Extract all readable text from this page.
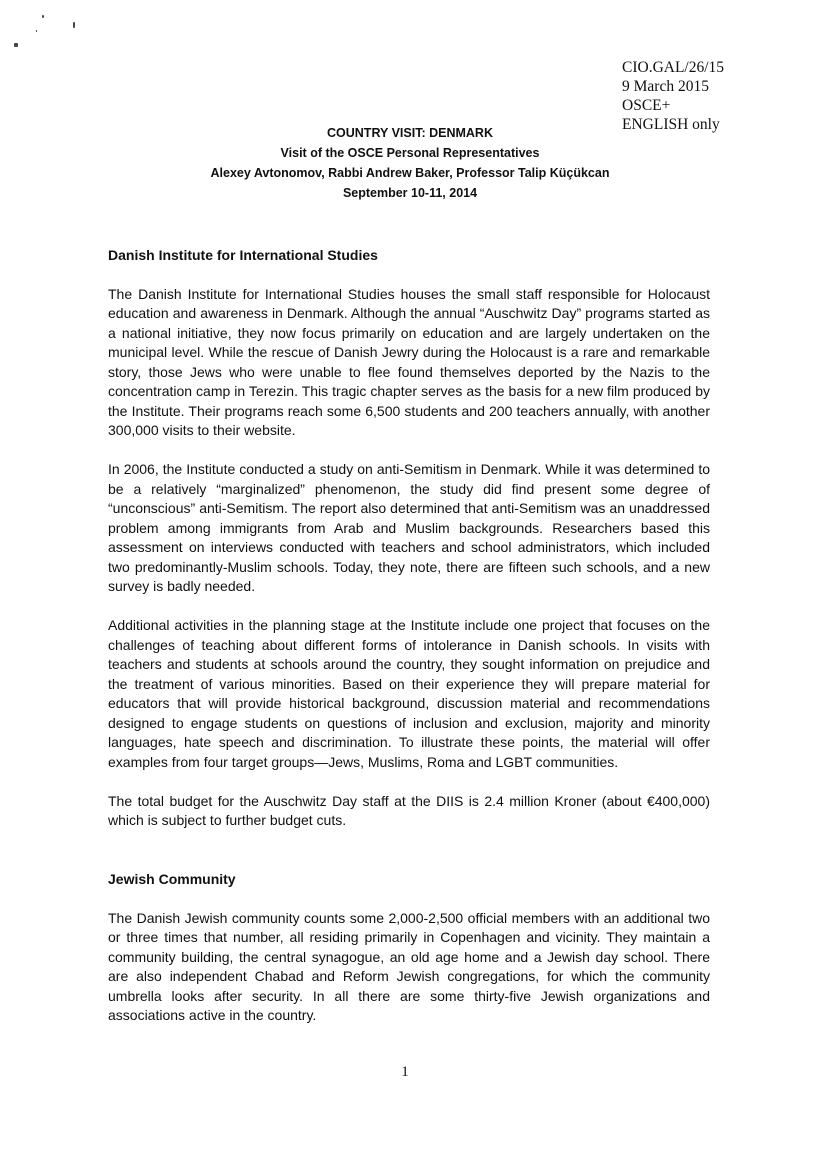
CIO.GAL/26/15
9 March 2015
OSCE+
ENGLISH only
COUNTRY VISIT: DENMARK
Visit of the OSCE Personal Representatives
Alexey Avtonomov, Rabbi Andrew Baker, Professor Talip Küçükcan
September 10-11, 2014
Danish Institute for International Studies

The Danish Institute for International Studies houses the small staff responsible for Holocaust education and awareness in Denmark. Although the annual “Auschwitz Day” programs started as a national initiative, they now focus primarily on education and are largely undertaken on the municipal level. While the rescue of Danish Jewry during the Holocaust is a rare and remarkable story, those Jews who were unable to flee found themselves deported by the Nazis to the concentration camp in Terezin. This tragic chapter serves as the basis for a new film produced by the Institute. Their programs reach some 6,500 students and 200 teachers annually, with another 300,000 visits to their website.

In 2006, the Institute conducted a study on anti-Semitism in Denmark. While it was determined to be a relatively “marginalized” phenomenon, the study did find present some degree of “unconscious” anti-Semitism. The report also determined that anti-Semitism was an unaddressed problem among immigrants from Arab and Muslim backgrounds. Researchers based this assessment on interviews conducted with teachers and school administrators, which included two predominantly-Muslim schools. Today, they note, there are fifteen such schools, and a new survey is badly needed.

Additional activities in the planning stage at the Institute include one project that focuses on the challenges of teaching about different forms of intolerance in Danish schools. In visits with teachers and students at schools around the country, they sought information on prejudice and the treatment of various minorities. Based on their experience they will prepare material for educators that will provide historical background, discussion material and recommendations designed to engage students on questions of inclusion and exclusion, majority and minority languages, hate speech and discrimination. To illustrate these points, the material will offer examples from four target groups—Jews, Muslims, Roma and LGBT communities.

The total budget for the Auschwitz Day staff at the DIIS is 2.4 million Kroner (about €400,000) which is subject to further budget cuts.

Jewish Community

The Danish Jewish community counts some 2,000-2,500 official members with an additional two or three times that number, all residing primarily in Copenhagen and vicinity. They maintain a community building, the central synagogue, an old age home and a Jewish day school. There are also independent Chabad and Reform Jewish congregations, for which the community umbrella looks after security. In all there are some thirty-five Jewish organizations and associations active in the country.

1
